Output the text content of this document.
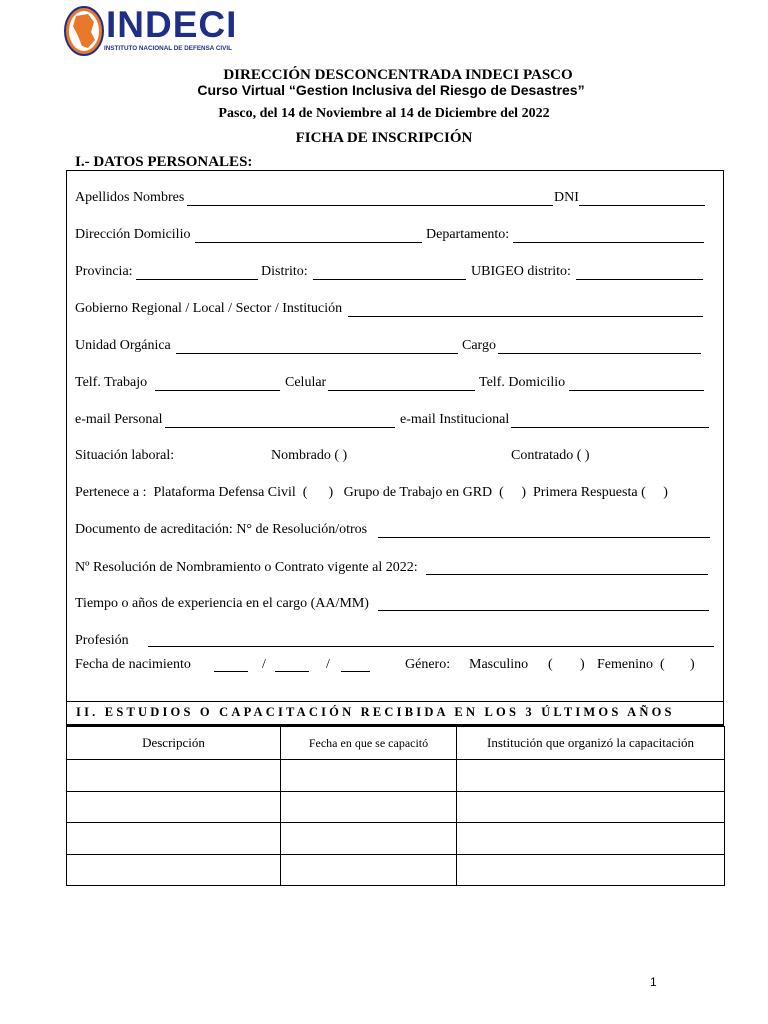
INDECI
INSTITUTO NACIONAL DE DEFENSA CIVIL
DIRECCIÓN DESCONCENTRADA INDECI PASCO
Curso Virtual “Gestion Inclusiva del Riesgo de Desastres”
Pasco, del 14 de Noviembre al 14 de Diciembre del 2022
FICHA DE INSCRIPCIÓN
I.- DATOS PERSONALES:
Apellidos Nombres	DNI
Dirección Domicilio	Departamento:
Provincia:	Distrito:	UBIGEO distrito:
Gobierno Regional / Local / Sector / Institución
Unidad Orgánica	Cargo
Telf. Trabajo	Celular	Telf. Domicilio
e-mail Personal	e-mail Institucional
Situación laboral:	Nombrado ( )	Contratado ( )
Pertenece a :  Plataforma Defensa Civil  (      )   Grupo de Trabajo en GRD  (     )  Primera Respuesta (     )
Documento de acreditación: N° de Resolución/otros
Nº Resolución de Nombramiento o Contrato vigente al 2022:
Tiempo o años de experiencia en el cargo (AA/MM)
Profesión
Fecha de nacimiento	/	/	Género: Masculino ( ) Femenino ( )
II. ESTUDIOS O CAPACITACIÓN RECIBIDA EN LOS 3 ÚLTIMOS AÑOS
Descripción	Fecha en que se capacitó	Institución que organizó la capacitación

1
